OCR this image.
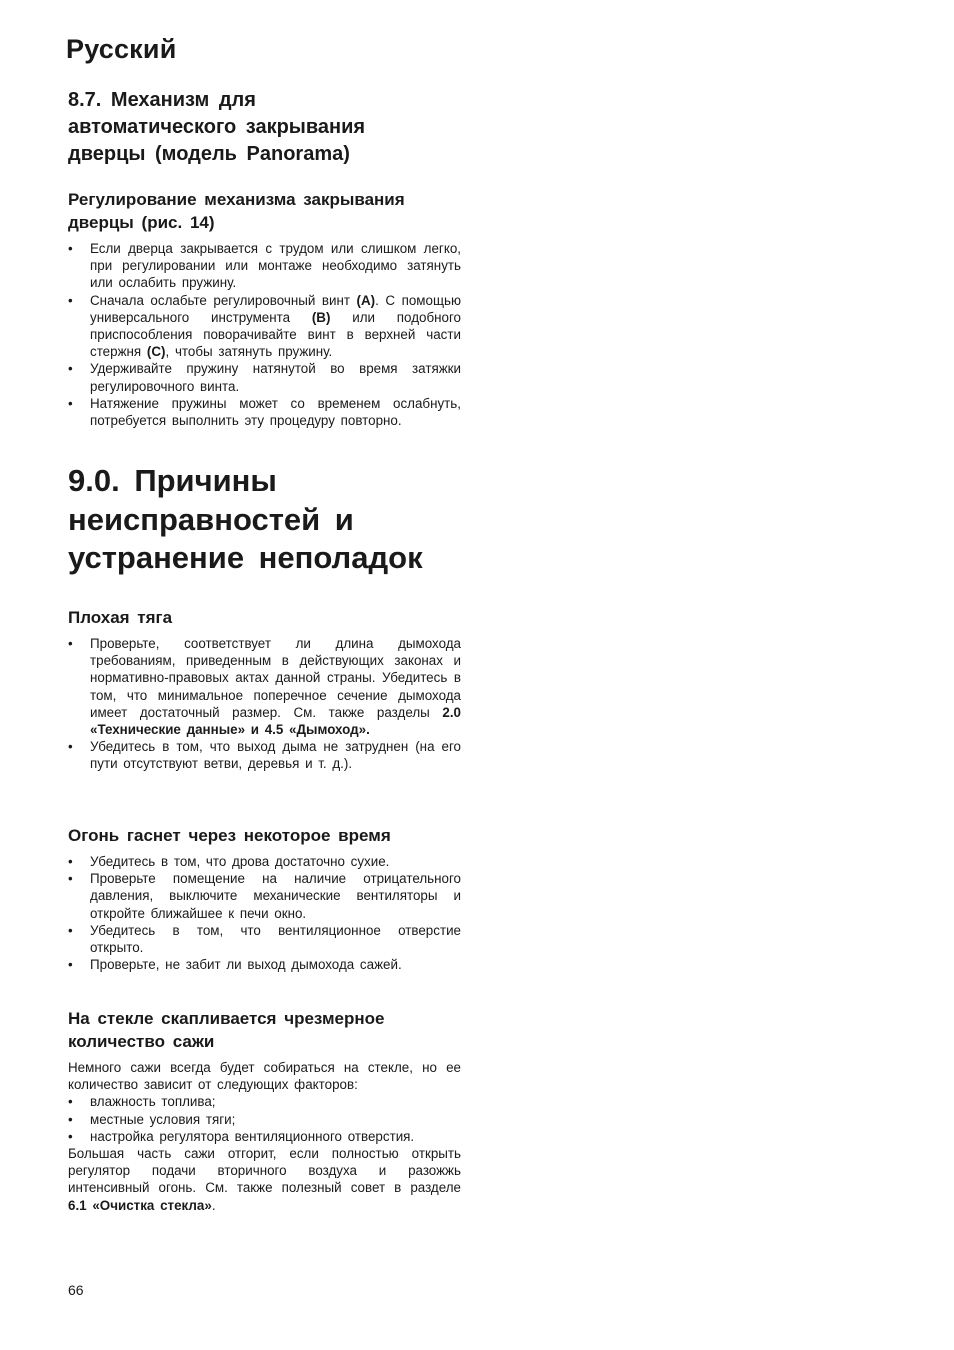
Русский

8.7. Механизм для
автоматического закрывания
дверцы (модель Panorama)

Регулирование механизма закрывания
дверцы (рис. 14)

• Если дверца закрывается с трудом или слишком легко, при регулировании или монтаже необходимо затянуть или ослабить пружину.
• Сначала ослабьте регулировочный винт (A). С помощью универсального инструмента (B) или подобного приспособления поворачивайте винт в верхней части стержня (C), чтобы затянуть пружину.
• Удерживайте пружину натянутой во время затяжки регулировочного винта.
• Натяжение пружины может со временем ослабнуть, потребуется выполнить эту процедуру повторно.

9.0. Причины
неисправностей и
устранение неполадок

Плохая тяга

• Проверьте, соответствует ли длина дымохода требованиям, приведенным в действующих законах и нормативно-правовых актах данной страны. Убедитесь в том, что минимальное поперечное сечение дымохода имеет достаточный размер. См. также разделы 2.0 «Технические данные» и 4.5 «Дымоход».
• Убедитесь в том, что выход дыма не затруднен (на его пути отсутствуют ветви, деревья и т. д.).

Огонь гаснет через некоторое время

• Убедитесь в том, что дрова достаточно сухие.
• Проверьте помещение на наличие отрицательного давления, выключите механические вентиляторы и откройте ближайшее к печи окно.
• Убедитесь в том, что вентиляционное отверстие открыто.
• Проверьте, не забит ли выход дымохода сажей.

На стекле скапливается чрезмерное
количество сажи

Немного сажи всегда будет собираться на стекле, но ее количество зависит от следующих факторов:

• влажность топлива;
• местные условия тяги;
• настройка регулятора вентиляционного отверстия.

Большая часть сажи отгорит, если полностью открыть регулятор подачи вторичного воздуха и разожжь интенсивный огонь. См. также полезный совет в разделе 6.1 «Очистка стекла».

66
